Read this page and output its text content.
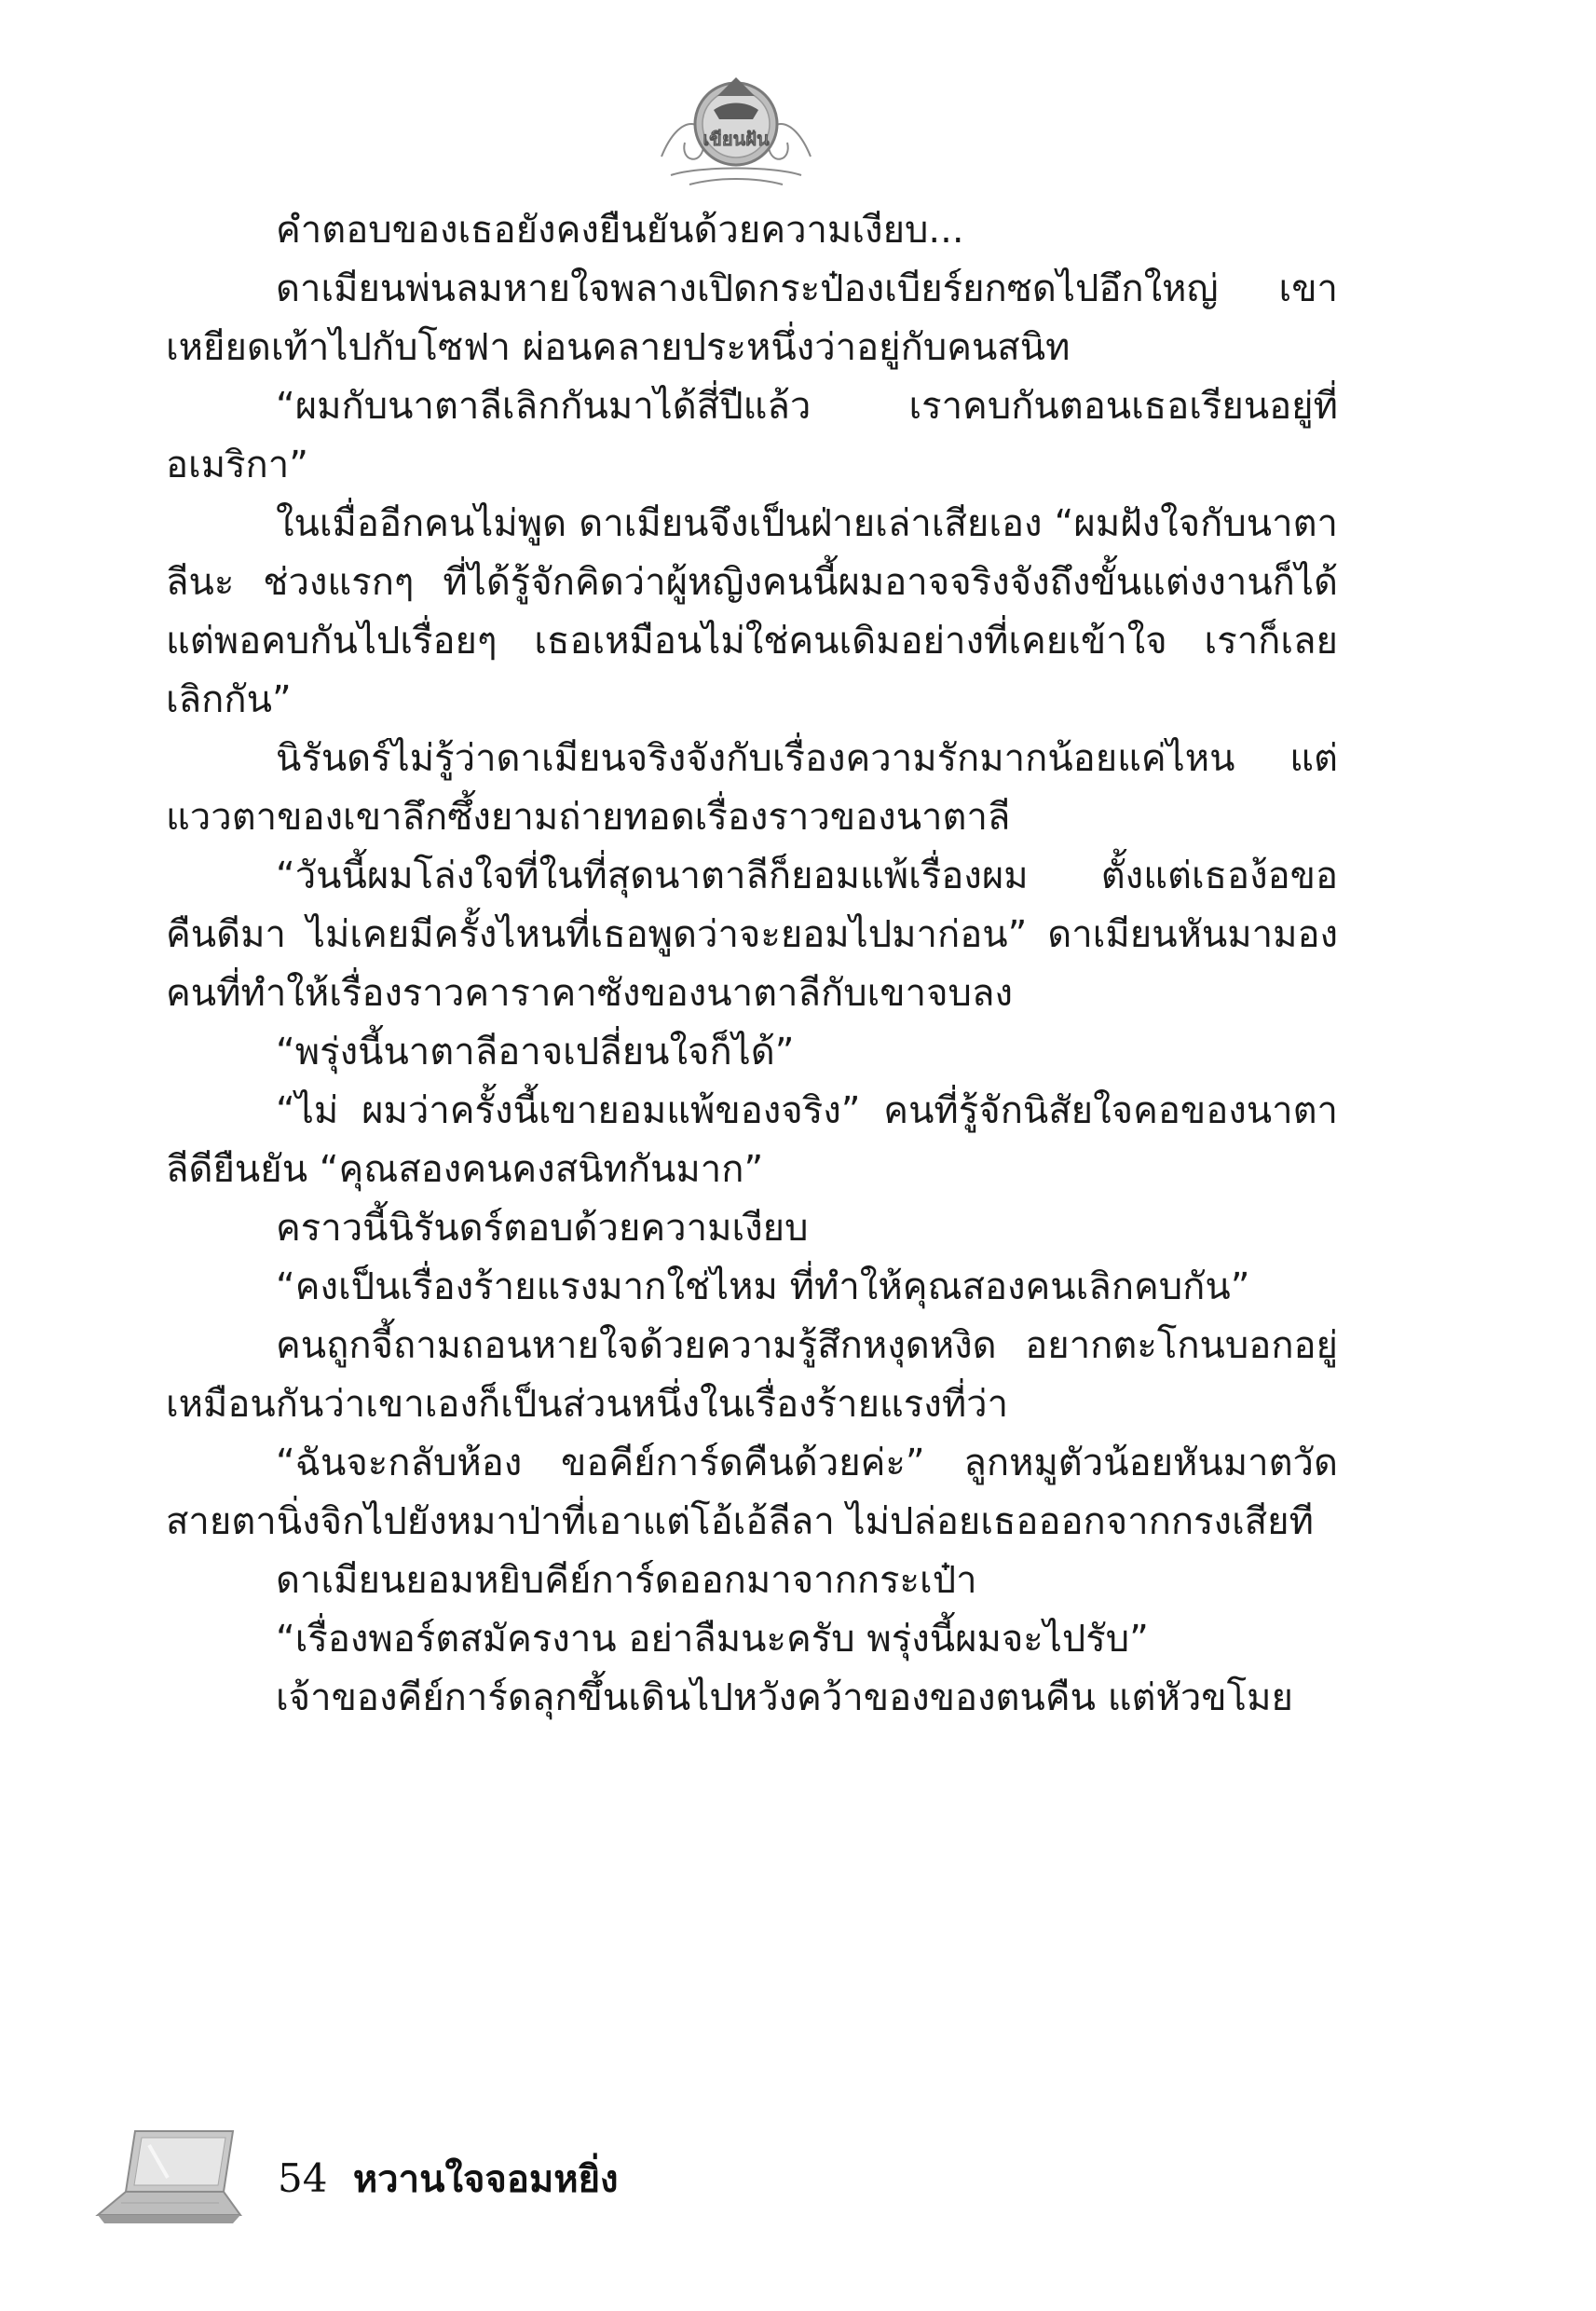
เขียนฝัน

คำตอบของเธอยังคงยืนยันด้วยความเงียบ...

ดาเมียนพ่นลมหายใจพลางเปิดกระป๋องเบียร์ยกซดไปอึกใหญ่ เขาเหยียดเท้าไปกับโซฟา ผ่อนคลายประหนึ่งว่าอยู่กับคนสนิท

“ผมกับนาตาลีเลิกกันมาได้สี่ปีแล้ว เราคบกันตอนเธอเรียนอยู่ที่อเมริกา”

ในเมื่ออีกคนไม่พูด ดาเมียนจึงเป็นฝ่ายเล่าเสียเอง “ผมฝังใจกับนาตาลีนะ ช่วงแรกๆ ที่ได้รู้จักคิดว่าผู้หญิงคนนี้ผมอาจจริงจังถึงขั้นแต่งงานก็ได้ แต่พอคบกันไปเรื่อยๆ เธอเหมือนไม่ใช่คนเดิมอย่างที่เคยเข้าใจ เราก็เลยเลิกกัน”

นิรันดร์ไม่รู้ว่าดาเมียนจริงจังกับเรื่องความรักมากน้อยแค่ไหน แต่แววตาของเขาลึกซึ้งยามถ่ายทอดเรื่องราวของนาตาลี

“วันนี้ผมโล่งใจที่ในที่สุดนาตาลีก็ยอมแพ้เรื่องผม ตั้งแต่เธอง้อขอคืนดีมา ไม่เคยมีครั้งไหนที่เธอพูดว่าจะยอมไปมาก่อน” ดาเมียนหันมามองคนที่ทำให้เรื่องราวคาราคาซังของนาตาลีกับเขาจบลง

“พรุ่งนี้นาตาลีอาจเปลี่ยนใจก็ได้”

“ไม่ ผมว่าครั้งนี้เขายอมแพ้ของจริง” คนที่รู้จักนิสัยใจคอของนาตาลีดียืนยัน “คุณสองคนคงสนิทกันมาก”

คราวนี้นิรันดร์ตอบด้วยความเงียบ

“คงเป็นเรื่องร้ายแรงมากใช่ไหม ที่ทำให้คุณสองคนเลิกคบกัน”

คนถูกจี้ถามถอนหายใจด้วยความรู้สึกหงุดหงิด อยากตะโกนบอกอยู่เหมือนกันว่าเขาเองก็เป็นส่วนหนึ่งในเรื่องร้ายแรงที่ว่า

“ฉันจะกลับห้อง ขอคีย์การ์ดคืนด้วยค่ะ” ลูกหมูตัวน้อยหันมาตวัดสายตานิ่งจิกไปยังหมาป่าที่เอาแต่โอ้เอ้ลีลา ไม่ปล่อยเธอออกจากกรงเสียที

ดาเมียนยอมหยิบคีย์การ์ดออกมาจากกระเป๋า

“เรื่องพอร์ตสมัครงาน อย่าลืมนะครับ พรุ่งนี้ผมจะไปรับ”

เจ้าของคีย์การ์ดลุกขึ้นเดินไปหวังคว้าของของตนคืน แต่หัวขโมย

54 หวานใจจอมหยิ่ง
